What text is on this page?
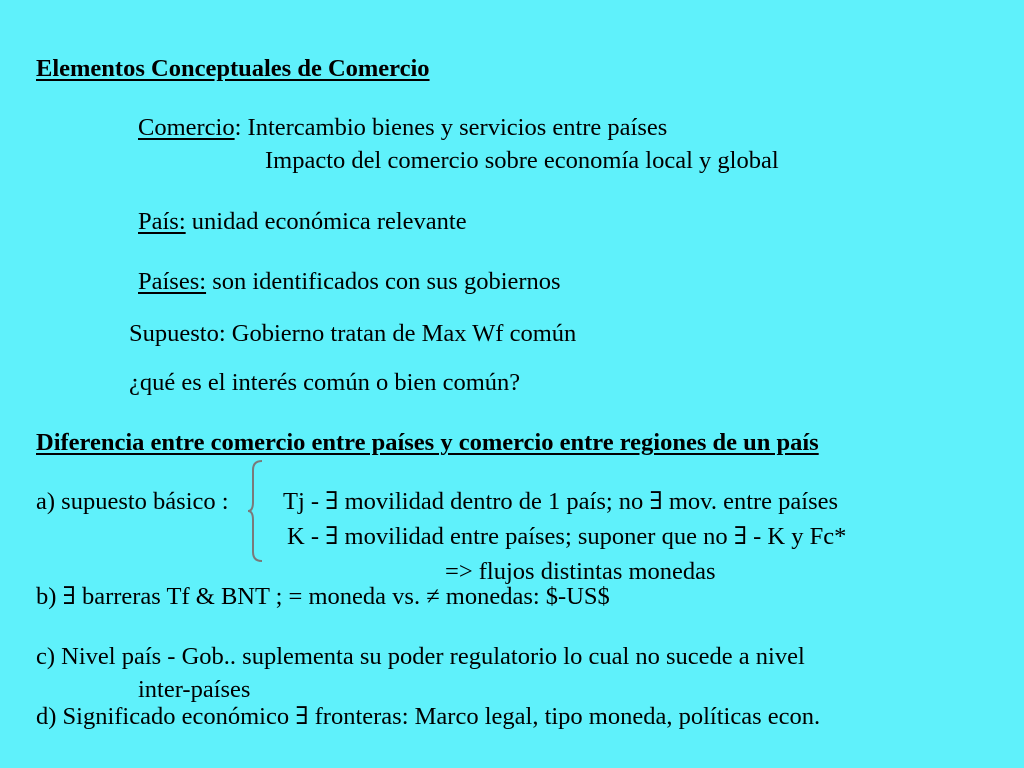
Elementos Conceptuales de Comercio
Comercio: Intercambio bienes y servicios entre países
Impacto del comercio sobre economía local y global
País: unidad económica relevante
Países: son identificados con sus gobiernos
Supuesto: Gobierno tratan de Max Wf común
¿qué es el interés común o bien común?
Diferencia entre comercio entre países y comercio entre regiones de un país
a) supuesto básico : Tj - ∃ movilidad dentro de 1 país; no ∃ mov. entre países
K - ∃ movilidad entre países; suponer que no ∃ - K y Fc*
=> flujos distintas monedas
b) ∃ barreras Tf & BNT ; = moneda vs. ≠ monedas: $-US$
c) Nivel país - Gob.. suplementa su poder regulatorio lo cual no sucede a nivel
inter-países
d) Significado económico ∃ fronteras: Marco legal, tipo moneda, políticas econ.
